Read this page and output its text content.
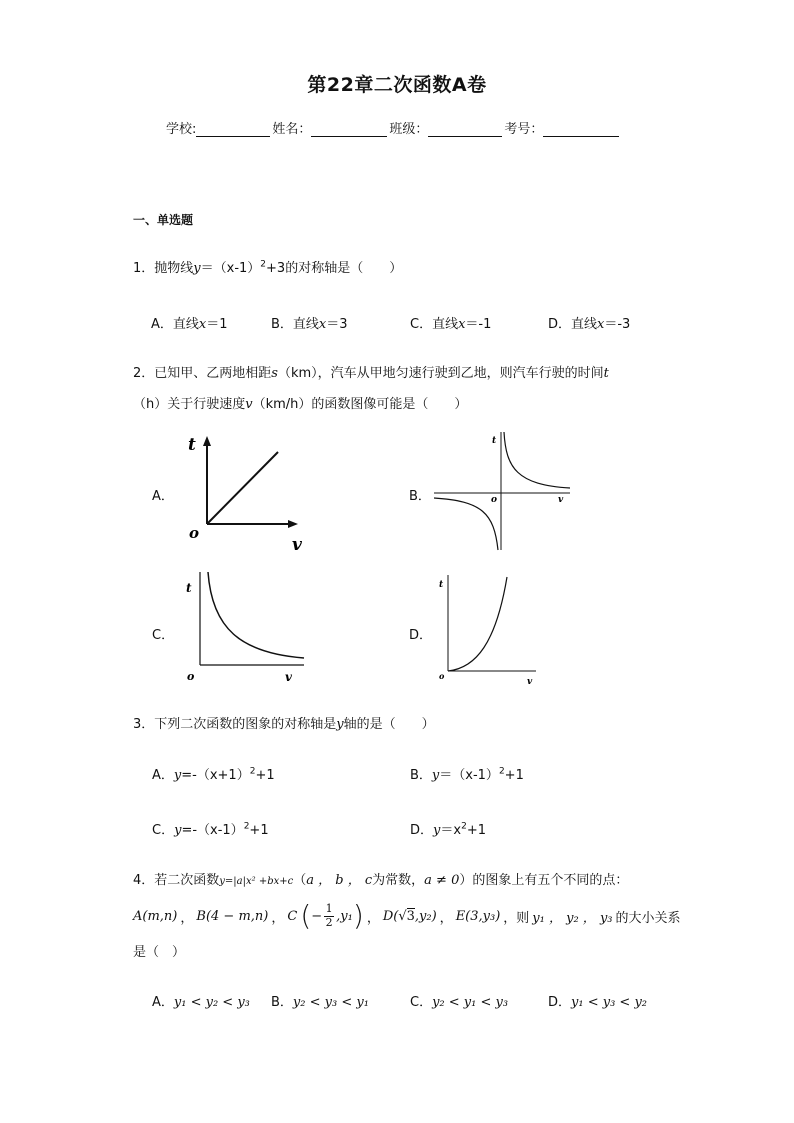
第22章二次函数A卷
学校:	姓名：	班级：	考号：
一、单选题
1．抛物线$y=(x-1)^2+3$的对称轴是（　　）
A．直线x＝1	B．直线x＝3	C．直线x＝-1	D．直线x＝-3
2．已知甲、乙两地相距s（km），汽车从甲地匀速行驶到乙地，则汽车行驶的时间t
（h）关于行驶速度v（km/h）的函数图像可能是（　　）
A．	B．
C．	D．
t
o
v
t
o	v
t
o	v
t
o
v
3．下列二次函数的图象的对称轴是y轴的是（　　）
A．$y=-(x+1)^2+1$	B．$y=(x-1)^2+1$
C．$y=-(x-1)^2+1$	D．$y=x^2+1$
4．若二次函数y=|a|x² +bx+c（a ， b ， c为常数，a ≠ 0）的图象上有五个不同的点：
A(m,n) ， B(4 − m,n) ， C ( −
1
2 ,y₁ ) ， D( √ 3 ,y₂) ， E(3,y₃) ，则 y₁ ， y₂ ， y₃ 的大小关系
是（　）
A．y₁ < y₂ < y₃ B．y₂ < y₃ < y₁	C．y₂ < y₁ < y₃	D．y₁ < y₃ < y₂
